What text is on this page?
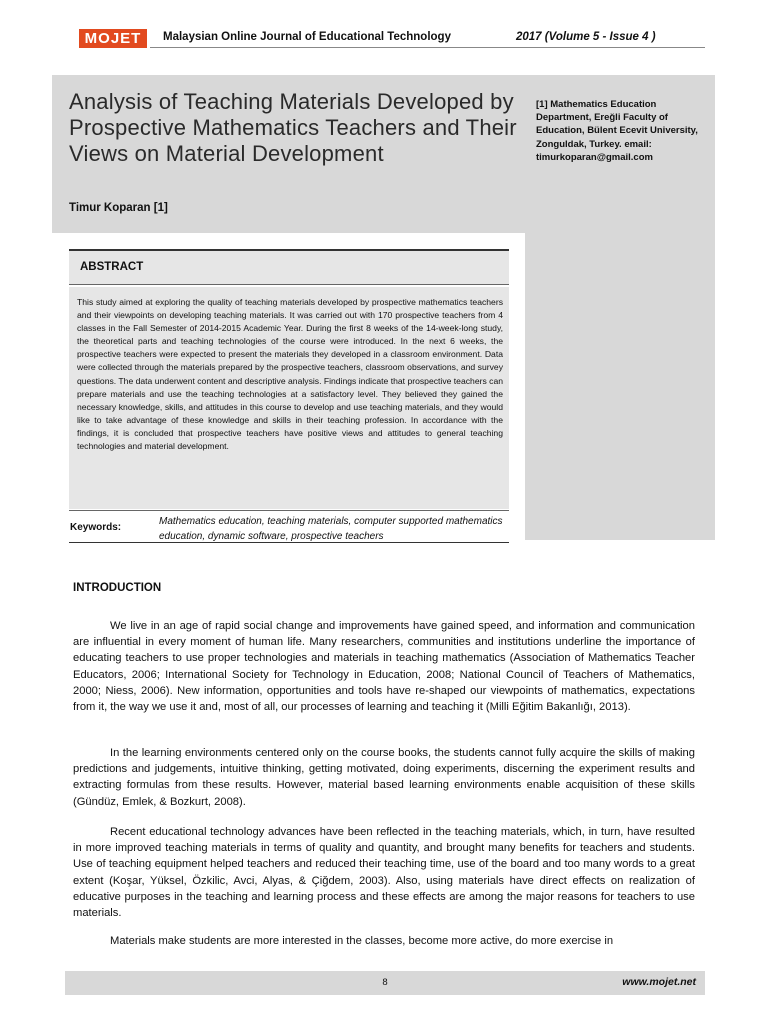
MOJET	Malaysian Online Journal of Educational Technology	2017 (Volume 5 - Issue 4 )
Analysis of Teaching Materials Developed by Prospective Mathematics Teachers and Their Views on Material Development
[1] Mathematics Education Department, Ereğli Faculty of Education, Bülent Ecevit University, Zonguldak, Turkey. email: timurkoparan@gmail.com
Timur Koparan [1]
ABSTRACT
This study aimed at exploring the quality of teaching materials developed by prospective mathematics teachers and their viewpoints on developing teaching materials. It was carried out with 170 prospective teachers from 4 classes in the Fall Semester of 2014-2015 Academic Year. During the first 8 weeks of the 14-week-long study, the theoretical parts and teaching technologies of the course were introduced. In the next 6 weeks, the prospective teachers were expected to present the materials they developed in a classroom environment. Data were collected through the materials prepared by the prospective teachers, classroom observations, and survey questions. The data underwent content and descriptive analysis. Findings indicate that prospective teachers can prepare materials and use the teaching technologies at a satisfactory level. They believed they gained the necessary knowledge, skills, and attitudes in this course to develop and use teaching materials, and they would like to take advantage of these knowledge and skills in their teaching profession. In accordance with the findings, it is concluded that prospective teachers have positive views and attitudes to general teaching technologies and material development.
Keywords:
Mathematics education, teaching materials, computer supported mathematics education, dynamic software, prospective teachers
INTRODUCTION
We live in an age of rapid social change and improvements have gained speed, and information and communication are influential in every moment of human life. Many researchers, communities and institutions underline the importance of educating teachers to use proper technologies and materials in teaching mathematics (Association of Mathematics Teacher Educators, 2006; International Society for Technology in Education, 2008; National Council of Teachers of Mathematics, 2000; Niess, 2006). New information, opportunities and tools have re-shaped our viewpoints of mathematics, expectations from it, the way we use it and, most of all, our processes of learning and teaching it (Milli Eğitim Bakanlığı, 2013).
In the learning environments centered only on the course books, the students cannot fully acquire the skills of making predictions and judgements, intuitive thinking, getting motivated, doing experiments, discerning the experiment results and extracting formulas from these results. However, material based learning environments enable acquisition of these skills (Gündüz, Emlek, & Bozkurt, 2008).
Recent educational technology advances have been reflected in the teaching materials, which, in turn, have resulted in more improved teaching materials in terms of quality and quantity, and brought many benefits for teachers and students. Use of teaching equipment helped teachers and reduced their teaching time, use of the board and too many words to a great extent (Koşar, Yüksel, Özkilic, Avci, Alyas, & Çiğdem, 2003). Also, using materials have direct effects on realization of educative purposes in the teaching and learning process and these effects are among the major reasons for teachers to use materials.
Materials make students are more interested in the classes, become more active, do more exercise in
8	www.mojet.net
